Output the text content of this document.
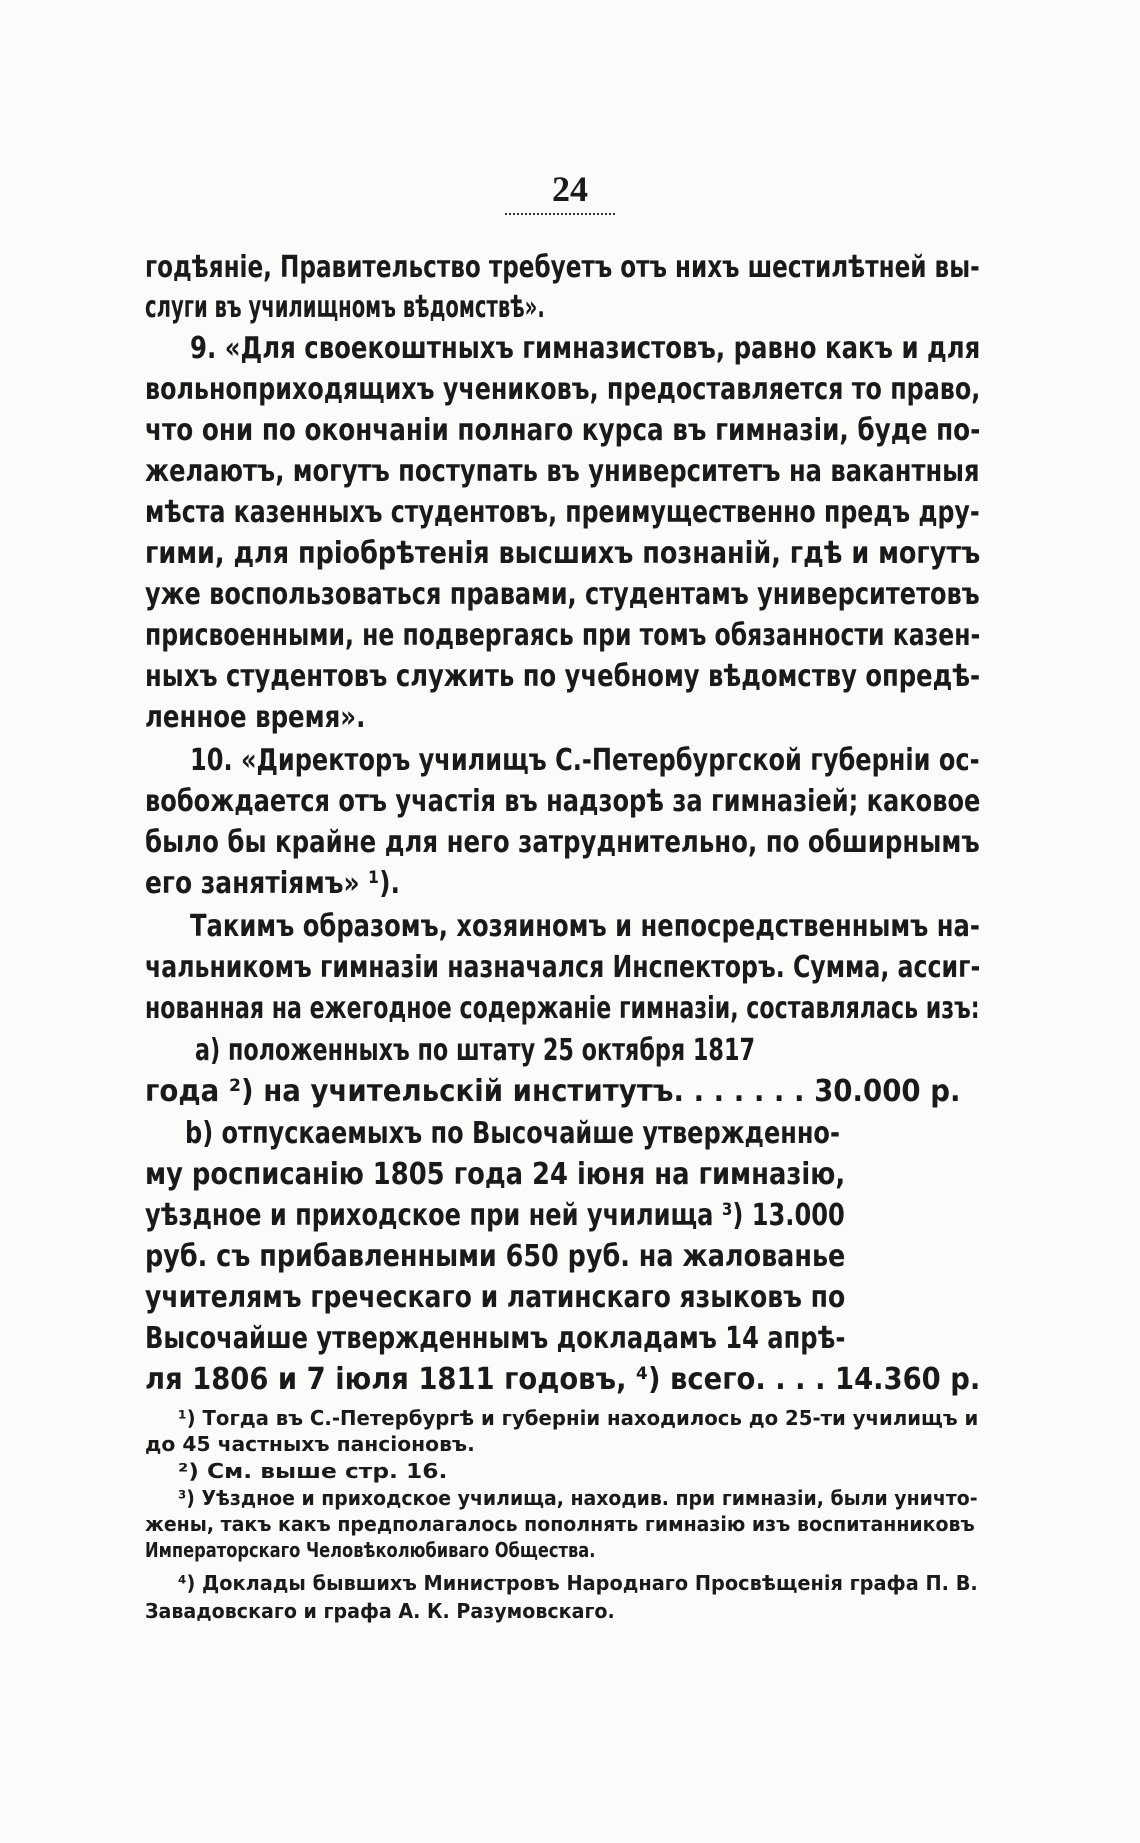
24
годѣяніе, Правительство требуетъ отъ нихъ шестилѣтней вы-
слуги въ училищномъ вѣдомствѣ».
9. «Для своекоштныхъ гимназистовъ, равно какъ и для
вольноприходящихъ учениковъ, предоставляется то право,
что они по окончаніи полнаго курса въ гимназіи, буде по-
желаютъ, могутъ поступать въ университетъ на вакантныя
мѣста казенныхъ студентовъ, преимущественно предъ дру-
гими, для пріобрѣтенія высшихъ познаній, гдѣ и могутъ
уже воспользоваться правами, студентамъ университетовъ
присвоенными, не подвергаясь при томъ обязанности казен-
ныхъ студентовъ служить по учебному вѣдомству опредѣ-
ленное время».
10. «Директоръ училищъ С.-Петербургской губерніи ос-
вобождается отъ участія въ надзорѣ за гимназіей; каковое
было бы крайне для него затруднительно, по обширнымъ
его занятіямъ» ¹).
Такимъ образомъ, хозяиномъ и непосредственнымъ на-
чальникомъ гимназіи назначался Инспекторъ. Сумма, ассиг-
нованная на ежегодное содержаніе гимназіи, составлялась изъ:
a) положенныхъ по штату 25 октября 1817
года ²) на учительскій институтъ. . . . . . . 30.000 р.
b) отпускаемыхъ по Высочайше утвержденно-
му росписанію 1805 года 24 іюня на гимназію,
уѣздное и приходское при ней училища ³) 13.000
руб. съ прибавленными 650 руб. на жалованье
учителямъ греческаго и латинскаго языковъ по
Высочайше утвержденнымъ докладамъ 14 апрѣ-
ля 1806 и 7 іюля 1811 годовъ, ⁴) всего. . . . 14.360 р.
¹) Тогда въ С.-Петербургѣ и губерніи находилось до 25-ти училищъ и
до 45 частныхъ пансіоновъ.
²) См. выше стр. 16.
³) Уѣздное и приходское училища, находив. при гимназіи, были уничто-
жены, такъ какъ предполагалось пополнять гимназію изъ воспитанниковъ
Императорскаго Человѣколюбиваго Общества.
⁴) Доклады бывшихъ Министровъ Народнаго Просвѣщенія графа П. В.
Завадовскаго и графа А. К. Разумовскаго.
